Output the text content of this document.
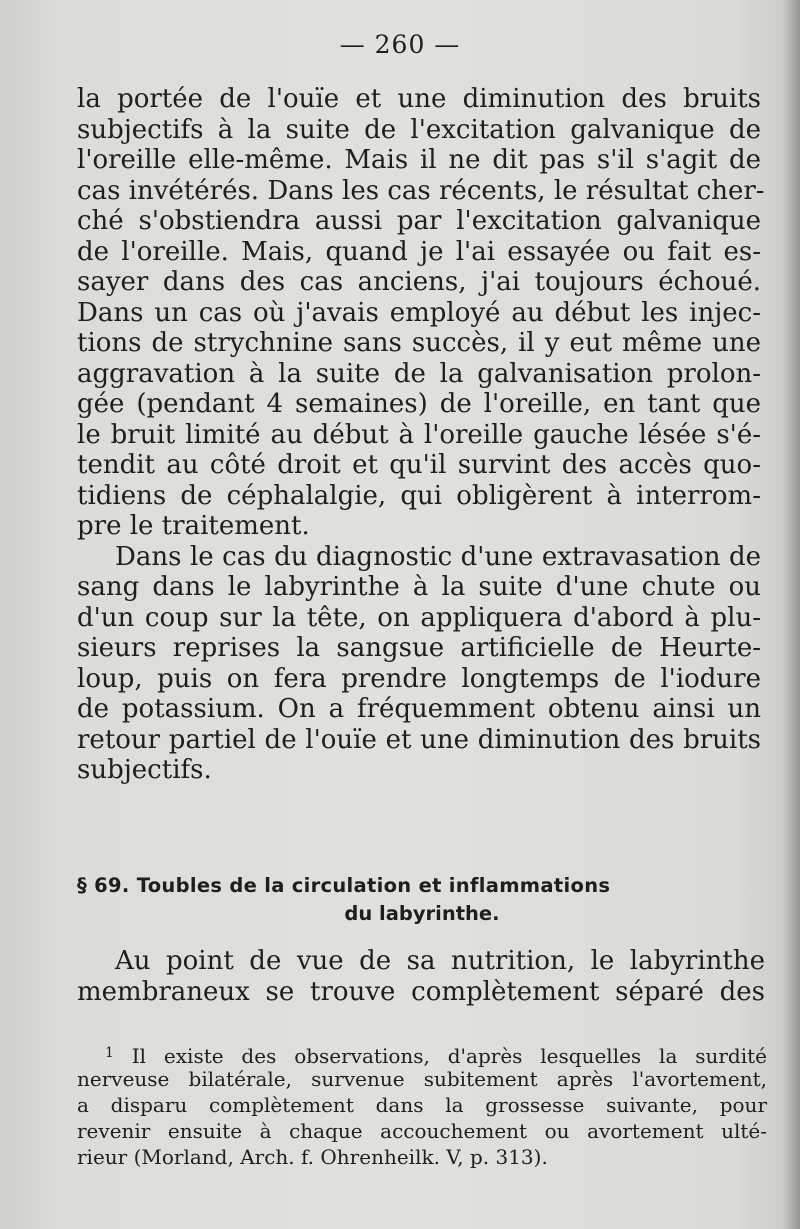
— 260 —
la portée de l'ouïe et une diminution des bruits
subjectifs à la suite de l'excitation galvanique de
l'oreille elle-même. Mais il ne dit pas s'il s'agit de
cas invétérés. Dans les cas récents, le résultat cher-
ché s'obstiendra aussi par l'excitation galvanique
de l'oreille. Mais, quand je l'ai essayée ou fait es-
sayer dans des cas anciens, j'ai toujours échoué.
Dans un cas où j'avais employé au début les injec-
tions de strychnine sans succès, il y eut même une
aggravation à la suite de la galvanisation prolon-
gée (pendant 4 semaines) de l'oreille, en tant que
le bruit limité au début à l'oreille gauche lésée s'é-
tendit au côté droit et qu'il survint des accès quo-
tidiens de céphalalgie, qui obligèrent à interrom-
pre le traitement.
Dans le cas du diagnostic d'une extravasation de
sang dans le labyrinthe à la suite d'une chute ou
d'un coup sur la tête, on appliquera d'abord à plu-
sieurs reprises la sangsue artificielle de Heurte-
loup, puis on fera prendre longtemps de l'iodure
de potassium. On a fréquemment obtenu ainsi un
retour partiel de l'ouïe et une diminution des bruits
subjectifs.
§ 69. Toubles de la circulation et inflammations
du labyrinthe.
Au point de vue de sa nutrition, le labyrinthe
membraneux se trouve complètement séparé des
$^1$ Il existe des observations, d'après lesquelles la surdité
nerveuse bilatérale, survenue subitement après l'avortement,
a disparu complètement dans la grossesse suivante, pour
revenir ensuite à chaque accouchement ou avortement ulté-
rieur (Morland, Arch. f. Ohrenheilk. V, p. 313).
